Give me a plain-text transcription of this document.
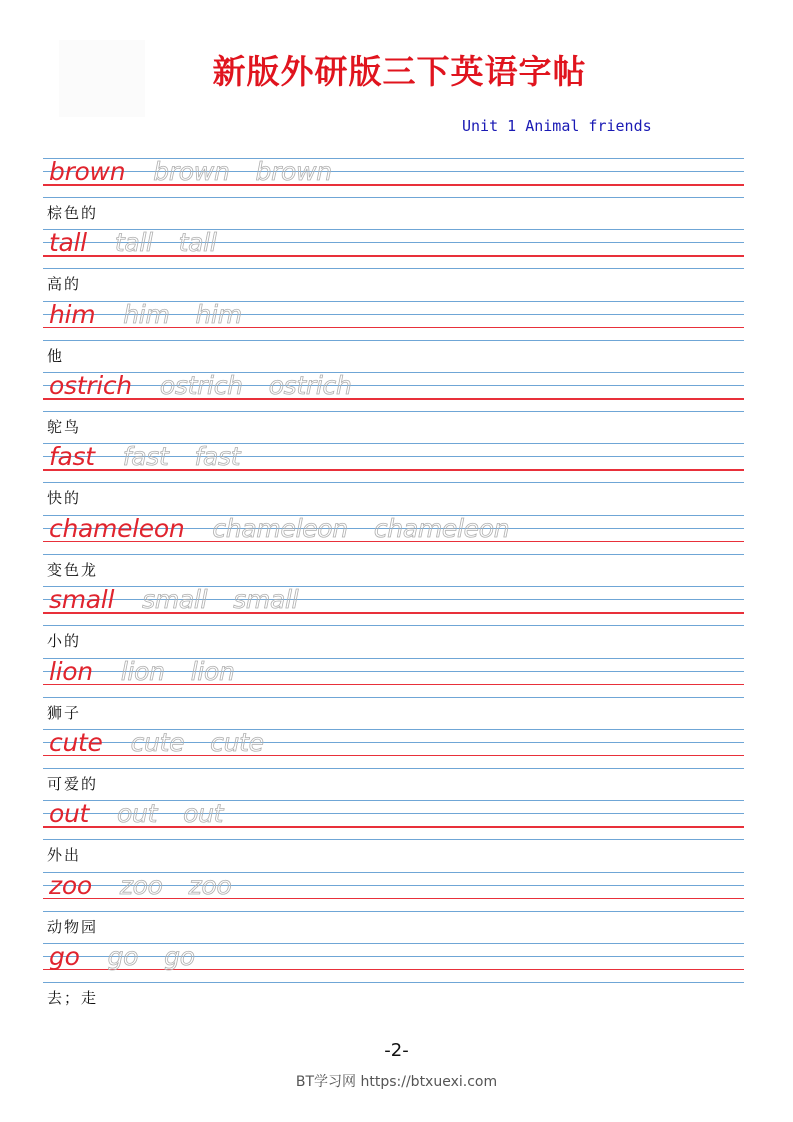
新版外研版三下英语字帖
Unit 1 Animal friends
brown brown brown
棕色的
tall tall tall
高的
him him him
他
ostrich ostrich ostrich
鸵鸟
fast fast fast
快的
chameleon chameleon chameleon
变色龙
small small small
小的
lion lion lion
狮子
cute cute cute
可爱的
out out out
外出
zoo zoo zoo
动物园
go go go
去；走
-2-
BT学习网 https://btxuexi.com
